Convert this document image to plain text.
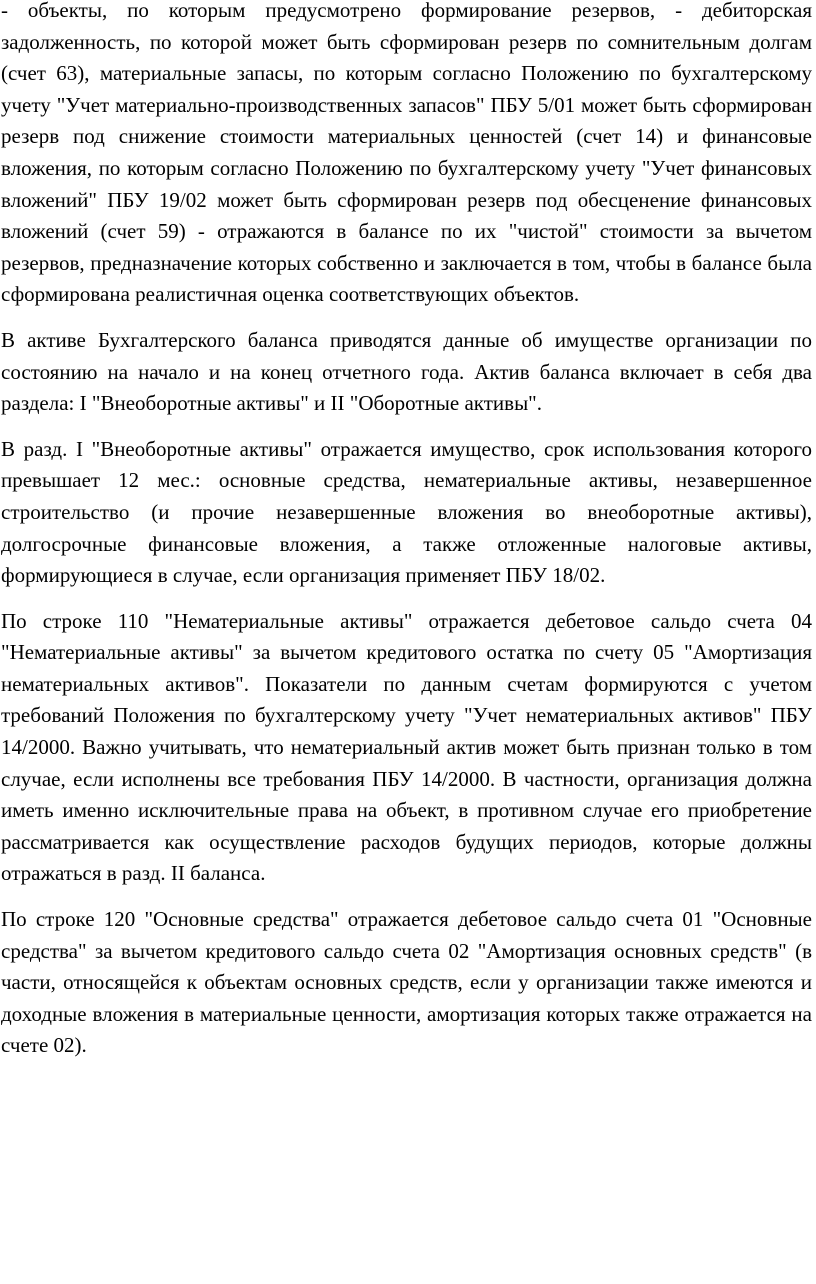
- объекты, по которым предусмотрено формирование резервов, - дебиторская задолженность, по которой может быть сформирован резерв по сомнительным долгам (счет 63), материальные запасы, по которым согласно Положению по бухгалтерскому учету "Учет материально-производственных запасов" ПБУ 5/01 может быть сформирован резерв под снижение стоимости материальных ценностей (счет 14) и финансовые вложения, по которым согласно Положению по бухгалтерскому учету "Учет финансовых вложений" ПБУ 19/02 может быть сформирован резерв под обесценение финансовых вложений (счет 59) - отражаются в балансе по их "чистой" стоимости за вычетом резервов, предназначение которых собственно и заключается в том, чтобы в балансе была сформирована реалистичная оценка соответствующих объектов.

В активе Бухгалтерского баланса приводятся данные об имуществе организации по состоянию на начало и на конец отчетного года. Актив баланса включает в себя два раздела: I "Внеоборотные активы" и II "Оборотные активы".

В разд. I "Внеоборотные активы" отражается имущество, срок использования которого превышает 12 мес.: основные средства, нематериальные активы, незавершенное строительство (и прочие незавершенные вложения во внеоборотные активы), долгосрочные финансовые вложения, а также отложенные налоговые активы, формирующиеся в случае, если организация применяет ПБУ 18/02.

По строке 110 "Нематериальные активы" отражается дебетовое сальдо счета 04 "Нематериальные активы" за вычетом кредитового остатка по счету 05 "Амортизация нематериальных активов". Показатели по данным счетам формируются с учетом требований Положения по бухгалтерскому учету "Учет нематериальных активов" ПБУ 14/2000. Важно учитывать, что нематериальный актив может быть признан только в том случае, если исполнены все требования ПБУ 14/2000. В частности, организация должна иметь именно исключительные права на объект, в противном случае его приобретение рассматривается как осуществление расходов будущих периодов, которые должны отражаться в разд. II баланса.

По строке 120 "Основные средства" отражается дебетовое сальдо счета 01 "Основные средства" за вычетом кредитового сальдо счета 02 "Амортизация основных средств" (в части, относящейся к объектам основных средств, если у организации также имеются и доходные вложения в материальные ценности, амортизация которых также отражается на счете 02).
